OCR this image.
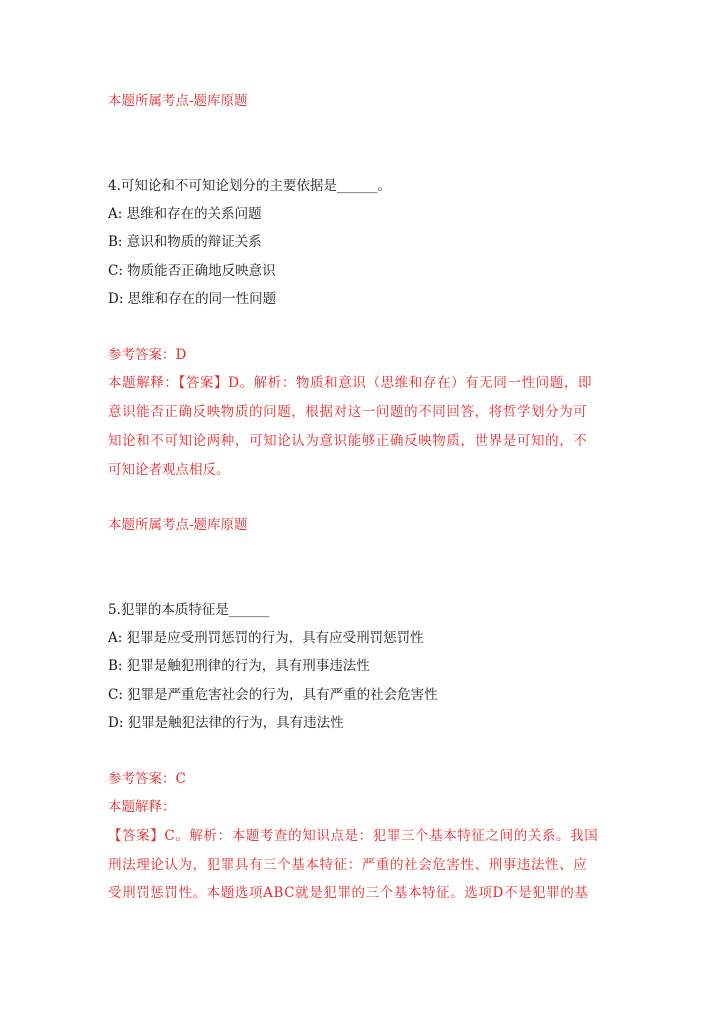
本题所属考点-题库原题
4.可知论和不可知论划分的主要依据是______。
A: 思维和存在的关系问题
B: 意识和物质的辩证关系
C: 物质能否正确地反映意识
D: 思维和存在的同一性问题
参考答案：D
本题解释：【答案】D。解析：物质和意识（思维和存在）有无同一性问题，即
意识能否正确反映物质的问题，根据对这一问题的不同回答，将哲学划分为可
知论和不可知论两种，可知论认为意识能够正确反映物质，世界是可知的，不
可知论者观点相反。
本题所属考点-题库原题
5.犯罪的本质特征是______
A: 犯罪是应受刑罚惩罚的行为，具有应受刑罚惩罚性
B: 犯罪是触犯刑律的行为，具有刑事违法性
C: 犯罪是严重危害社会的行为，具有严重的社会危害性
D: 犯罪是触犯法律的行为，具有违法性
参考答案：C
本题解释：
【答案】C。解析：本题考查的知识点是：犯罪三个基本特征之间的关系。我国
刑法理论认为，犯罪具有三个基本特征：严重的社会危害性、刑事违法性、应
受刑罚惩罚性。本题选项ABC就是犯罪的三个基本特征。选项D不是犯罪的基
